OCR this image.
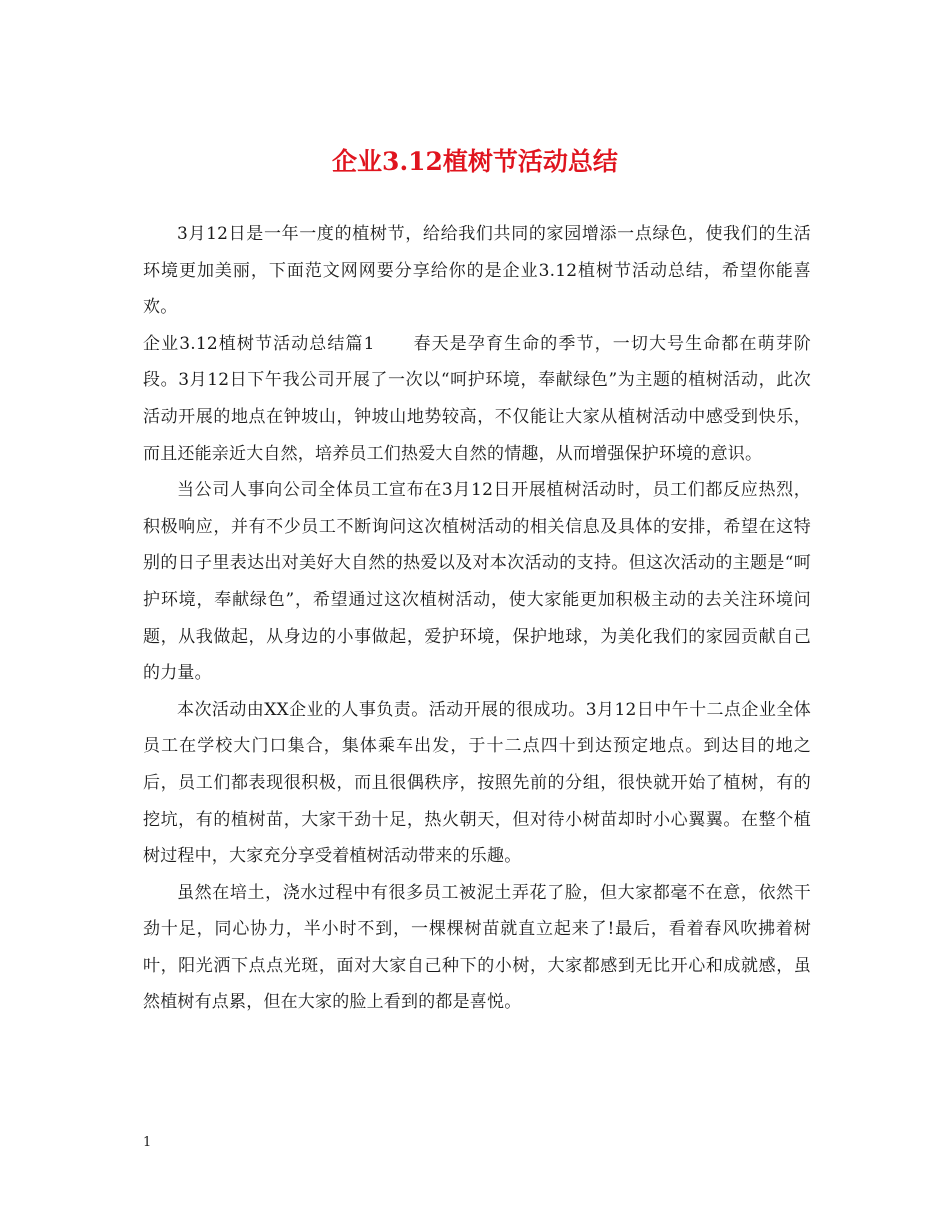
企业3.12植树节活动总结

3月12日是一年一度的植树节，给给我们共同的家园增添一点绿色，使我们的生活环境更加美丽，下面范文网网要分享给你的是企业3.12植树节活动总结，希望你能喜欢。

企业3.12植树节活动总结篇1 春天是孕育生命的季节，一切大号生命都在萌芽阶段。3月12日下午我公司开展了一次以“呵护环境，奉献绿色”为主题的植树活动，此次活动开展的地点在钟坡山，钟坡山地势较高，不仅能让大家从植树活动中感受到快乐，而且还能亲近大自然，培养员工们热爱大自然的情趣，从而增强保护环境的意识。

当公司人事向公司全体员工宣布在3月12日开展植树活动时，员工们都反应热烈，积极响应，并有不少员工不断询问这次植树活动的相关信息及具体的安排，希望在这特别的日子里表达出对美好大自然的热爱以及对本次活动的支持。但这次活动的主题是“呵护环境，奉献绿色”，希望通过这次植树活动，使大家能更加积极主动的去关注环境问题，从我做起，从身边的小事做起，爱护环境，保护地球，为美化我们的家园贡献自己的力量。

本次活动由XX企业的人事负责。活动开展的很成功。3月12日中午十二点企业全体员工在学校大门口集合，集体乘车出发，于十二点四十到达预定地点。到达目的地之后，员工们都表现很积极，而且很偶秩序，按照先前的分组，很快就开始了植树，有的挖坑，有的植树苗，大家干劲十足，热火朝天，但对待小树苗却时小心翼翼。在整个植树过程中，大家充分享受着植树活动带来的乐趣。

虽然在培土，浇水过程中有很多员工被泥土弄花了脸，但大家都毫不在意，依然干劲十足，同心协力，半小时不到，一棵棵树苗就直立起来了!最后，看着春风吹拂着树叶，阳光洒下点点光斑，面对大家自己种下的小树，大家都感到无比开心和成就感，虽然植树有点累，但在大家的脸上看到的都是喜悦。

1
